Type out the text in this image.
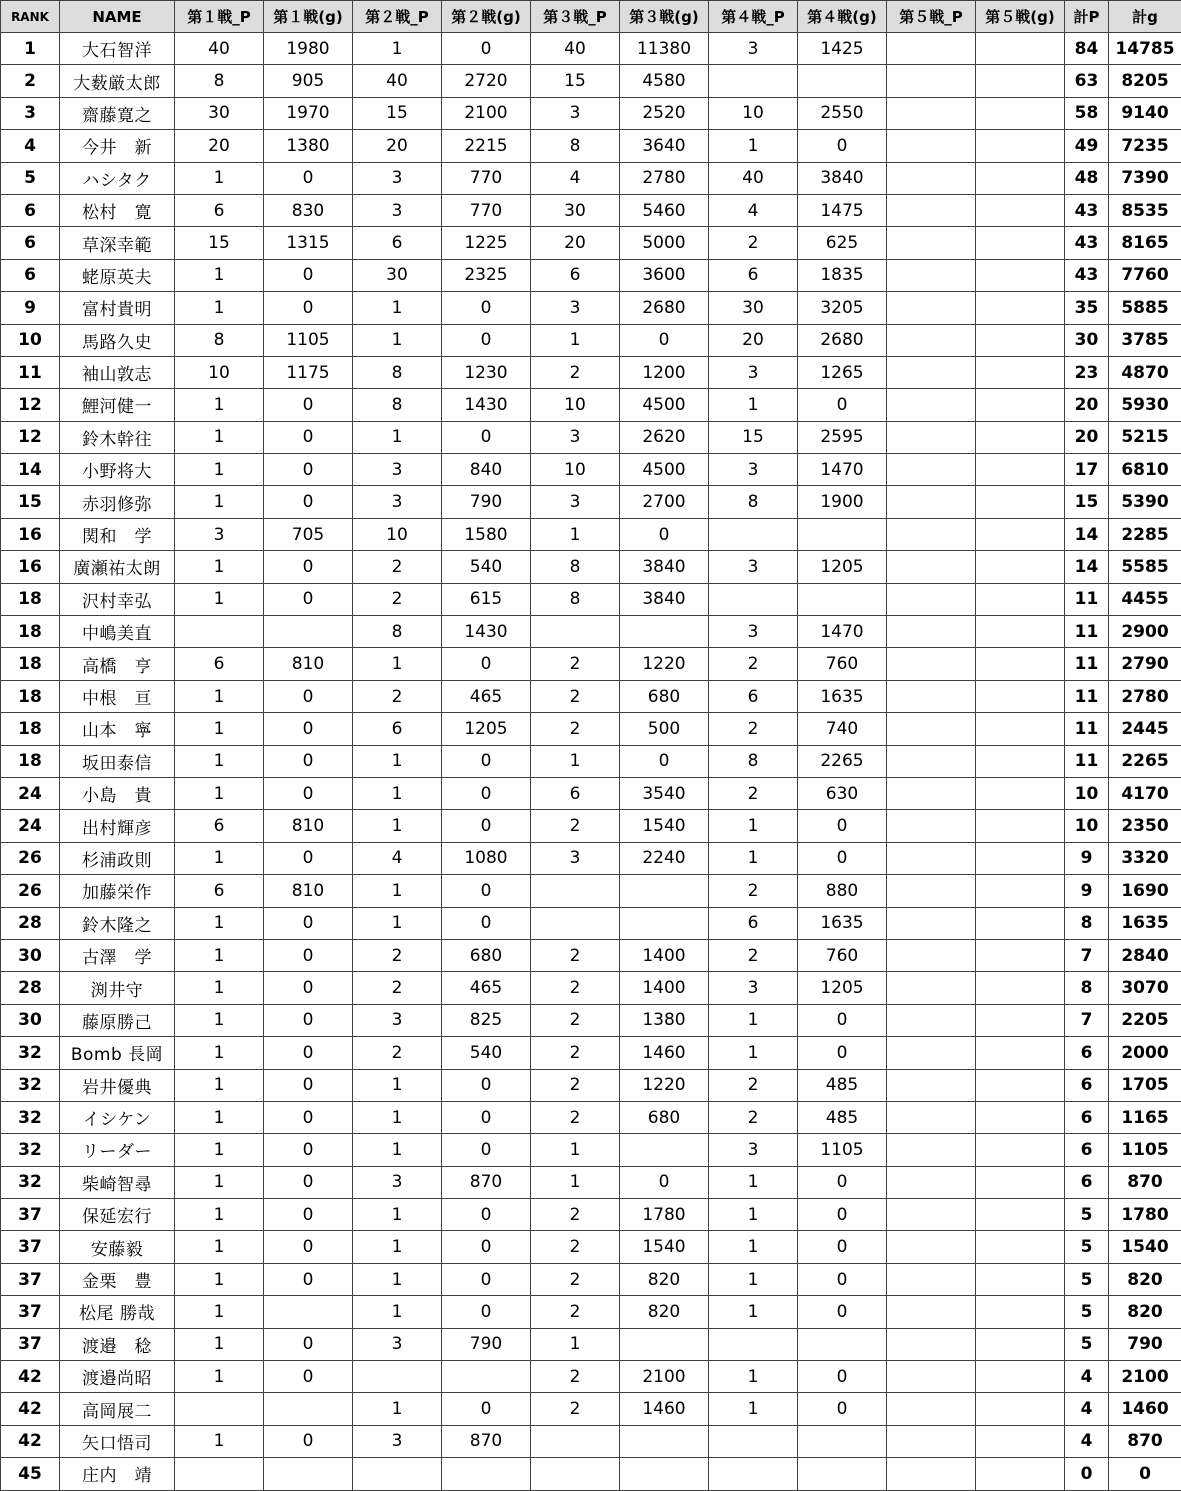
RANK	NAME	第１戦_P	第１戦(g)	第２戦_P	第２戦(g)	第３戦_P	第３戦(g)	第４戦_P	第４戦(g)	第５戦_P	第５戦(g)	計P	計g
1	大石智洋	40	1980	1	0	40	11380	3	1425			84	14785
2	大薮厳太郎	8	905	40	2720	15	4580					63	8205
3	齋藤寛之	30	1970	15	2100	3	2520	10	2550			58	9140
4	今井　新	20	1380	20	2215	8	3640	1	0			49	7235
5	ハシタク	1	0	3	770	4	2780	40	3840			48	7390
6	松村　寛	6	830	3	770	30	5460	4	1475			43	8535
6	草深幸範	15	1315	6	1225	20	5000	2	625			43	8165
6	蛯原英夫	1	0	30	2325	6	3600	6	1835			43	7760
9	富村貴明	1	0	1	0	3	2680	30	3205			35	5885
10	馬路久史	8	1105	1	0	1	0	20	2680			30	3785
11	袖山敦志	10	1175	8	1230	2	1200	3	1265			23	4870
12	鯉河健一	1	0	8	1430	10	4500	1	0			20	5930
12	鈴木幹往	1	0	1	0	3	2620	15	2595			20	5215
14	小野将大	1	0	3	840	10	4500	3	1470			17	6810
15	赤羽修弥	1	0	3	790	3	2700	8	1900			15	5390
16	関和　学	3	705	10	1580	1	0					14	2285
16	廣瀬祐太朗	1	0	2	540	8	3840	3	1205			14	5585
18	沢村幸弘	1	0	2	615	8	3840					11	4455
18	中嶋美直			8	1430			3	1470			11	2900
18	高橋　亨	6	810	1	0	2	1220	2	760			11	2790
18	中根　亘	1	0	2	465	2	680	6	1635			11	2780
18	山本　寧	1	0	6	1205	2	500	2	740			11	2445
18	坂田泰信	1	0	1	0	1	0	8	2265			11	2265
24	小島　貴	1	0	1	0	6	3540	2	630			10	4170
24	出村輝彦	6	810	1	0	2	1540	1	0			10	2350
26	杉浦政則	1	0	4	1080	3	2240	1	0			9	3320
26	加藤栄作	6	810	1	0			2	880			9	1690
28	鈴木隆之	1	0	1	0			6	1635			8	1635
30	古澤　学	1	0	2	680	2	1400	2	760			7	2840
28	渕井守	1	0	2	465	2	1400	3	1205			8	3070
30	藤原勝己	1	0	3	825	2	1380	1	0			7	2205
32	Bomb 長岡	1	0	2	540	2	1460	1	0			6	2000
32	岩井優典	1	0	1	0	2	1220	2	485			6	1705
32	イシケン	1	0	1	0	2	680	2	485			6	1165
32	リーダー	1	0	1	0	1		3	1105			6	1105
32	柴崎智尋	1	0	3	870	1	0	1	0			6	870
37	保延宏行	1	0	1	0	2	1780	1	0			5	1780
37	安藤毅	1	0	1	0	2	1540	1	0			5	1540
37	金栗　豊	1	0	1	0	2	820	1	0			5	820
37	松尾 勝哉	1		1	0	2	820	1	0			5	820
37	渡邉　稔	1	0	3	790	1						5	790
42	渡邉尚昭	1	0			2	2100	1	0			4	2100
42	高岡展二			1	0	2	1460	1	0			4	1460
42	矢口悟司	1	0	3	870							4	870
45	庄内　靖											0	0
